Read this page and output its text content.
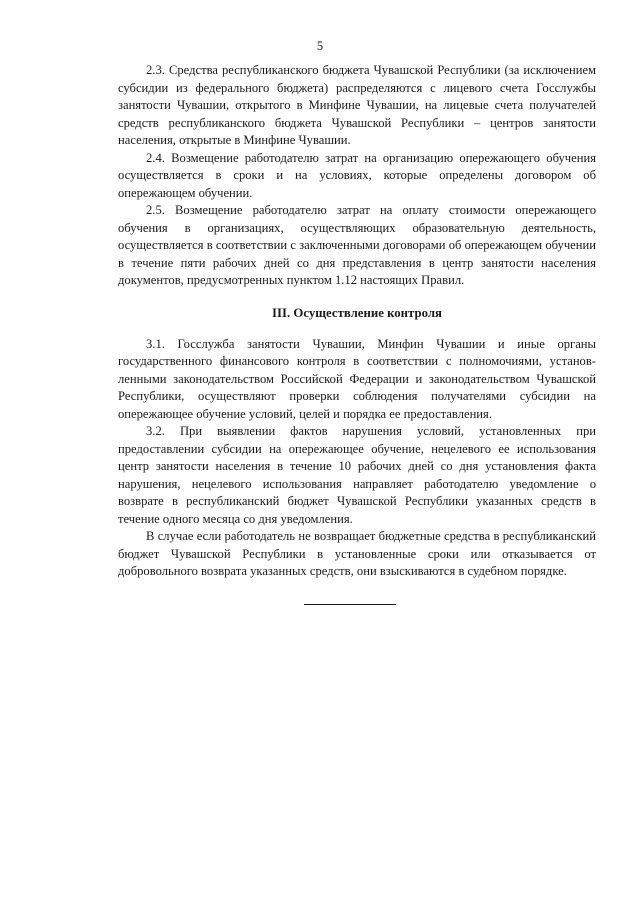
5

2.3. Средства республиканского бюджета Чувашской Республики (за исключением субсидии из федерального бюджета) распределяются с лицевого счета Госслужбы занятости Чувашии, открытого в Минфине Чувашии, на лицевые счета получателей средств республиканского бюджета Чувашской Республики – центров занятости населения, открытые в Минфине Чувашии.

2.4. Возмещение работодателю затрат на организацию опережающего обучения осуществляется в сроки и на условиях, которые определены договором об опережающем обучении.

2.5. Возмещение работодателю затрат на оплату стоимости опережающего обучения в организациях, осуществляющих образовательную деятельность, осуществляется в соответствии с заключенными договорами об опережающем обучении в течение пяти рабочих дней со дня представления в центр занятости населения документов, предусмотренных пунктом 1.12 настоящих Правил.

III. Осуществление контроля

3.1. Госслужба занятости Чувашии, Минфин Чувашии и иные органы государственного финансового контроля в соответствии с полномочиями, установленными законодательством Российской Федерации и законодательством Чувашской Республики, осуществляют проверки соблюдения получателями субсидии на опережающее обучение условий, целей и порядка ее предоставления.

3.2. При выявлении фактов нарушения условий, установленных при предоставлении субсидии на опережающее обучение, нецелевого ее использования центр занятости населения в течение 10 рабочих дней со дня установления факта нарушения, нецелевого использования направляет работодателю уведомление о возврате в республиканский бюджет Чувашской Республики указанных средств в течение одного месяца со дня уведомления.

В случае если работодатель не возвращает бюджетные средства в республиканский бюджет Чувашской Республики в установленные сроки или отказывается от добровольного возврата указанных средств, они взыскиваются в судебном порядке.
